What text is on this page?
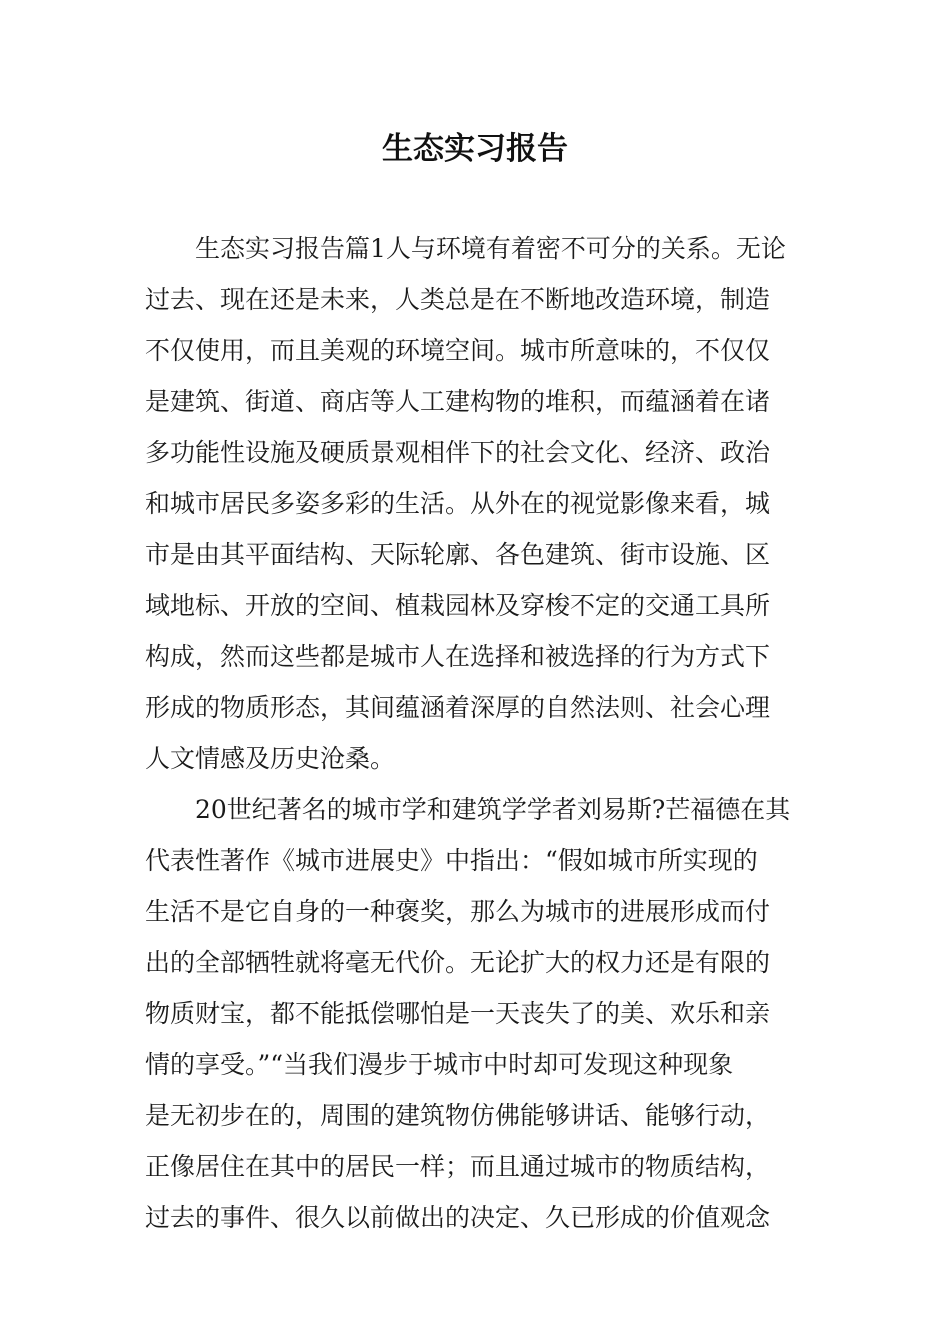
生态实习报告
生态实习报告篇1人与环境有着密不可分的关系。无论
过去、现在还是未来，人类总是在不断地改造环境，制造
不仅使用，而且美观的环境空间。城市所意味的，不仅仅
是建筑、街道、商店等人工建构物的堆积，而蕴涵着在诸
多功能性设施及硬质景观相伴下的社会文化、经济、政治
和城市居民多姿多彩的生活。从外在的视觉影像来看，城
市是由其平面结构、天际轮廓、各色建筑、街市设施、区
域地标、开放的空间、植栽园林及穿梭不定的交通工具所
构成，然而这些都是城市人在选择和被选择的行为方式下
形成的物质形态，其间蕴涵着深厚的自然法则、社会心理
人文情感及历史沧桑。
20世纪著名的城市学和建筑学学者刘易斯?芒福德在其
代表性著作《城市进展史》中指出：“假如城市所实现的
生活不是它自身的一种褒奖，那么为城市的进展形成而付
出的全部牺牲就将毫无代价。无论扩大的权力还是有限的
物质财宝，都不能抵偿哪怕是一天丧失了的美、欢乐和亲
情的享受。”“当我们漫步于城市中时却可发现这种现象
是无初步在的，周围的建筑物仿佛能够讲话、能够行动，
正像居住在其中的居民一样；而且通过城市的物质结构，
过去的事件、很久以前做出的决定、久已形成的价值观念
